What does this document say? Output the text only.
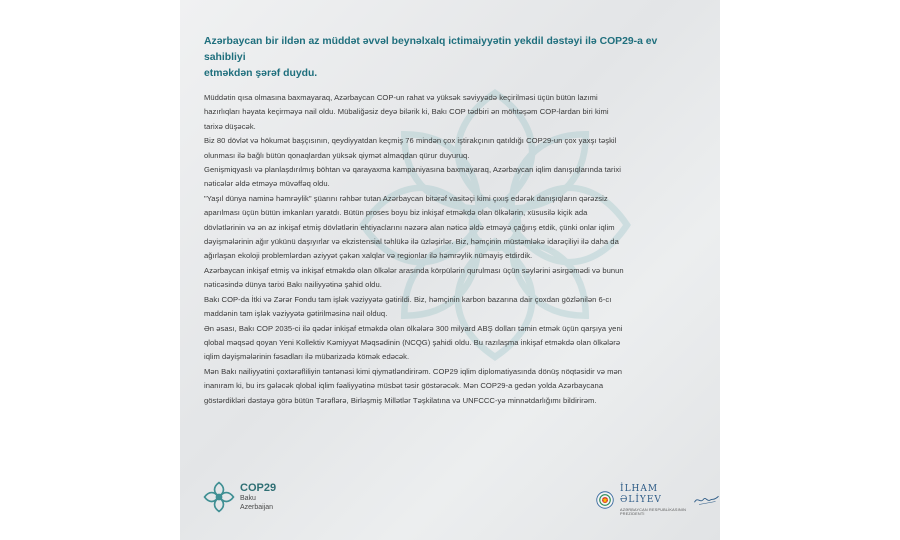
Azərbaycan bir ildən az müddət əvvəl beynəlxalq ictimaiyyətin yekdil dəstəyi ilə COP29-a ev sahibliyi
etməkdən şərəf duydu.

Müddətin qısa olmasına baxmayaraq, Azərbaycan COP-un rahat və yüksək səviyyədə keçirilməsi üçün bütün lazımi
hazırlıqları həyata keçirməyə nail oldu. Mübaliğəsiz deyə bilərik ki, Bakı COP tədbiri ən möhtəşəm COP-lardan biri kimi
tarixə düşəcək.

Biz 80 dövlət və hökumət başçısının, qeydiyyatdan keçmiş 76 mindən çox iştirakçının qatıldığı COP29-un çox yaxşı təşkil
olunması ilə bağlı bütün qonaqlardan yüksək qiymət almaqdan qürur duyuruq.

Genişmiqyaslı və planlaşdırılmış böhtan və qarayaxma kampaniyasına baxmayaraq, Azərbaycan iqlim danışıqlarında tarixi
nəticələr əldə etməyə müvəffəq oldu.

"Yaşıl dünya naminə həmrəylik" şüarını rəhbər tutan Azərbaycan bitərəf vasitəçi kimi çıxış edərək danışıqların qərəzsiz
aparılması üçün bütün imkanları yaratdı. Bütün proses boyu biz inkişaf etməkdə olan ölkələrin, xüsusilə kiçik ada
dövlətlərinin və ən az inkişaf etmiş dövlətlərin ehtiyaclarını nəzərə alan nəticə əldə etməyə çağırış etdik, çünki onlar iqlim
dəyişmələrinin ağır yükünü daşıyırlar və ekzistensial təhlükə ilə üzləşirlər. Biz, həmçinin müstəmləkə idarəçiliyi ilə daha da
ağırlaşan ekoloji problemlərdən əziyyət çəkən xalqlar və regionlar ilə həmrəylik nümayiş etdirdik.

Azərbaycan inkişaf etmiş və inkişaf etməkdə olan ölkələr arasında körpülərin qurulması üçün səylərini əsirgəmədi və bunun
nəticəsində dünya tarixi Bakı nailiyyətinə şahid oldu.

Bakı COP-da İtki və Zərər Fondu tam işlək vəziyyətə gətirildi. Biz, həmçinin karbon bazarına dair çoxdan gözlənilən 6-cı
maddənin tam işlək vəziyyətə gətirilməsinə nail olduq.

Ən əsası, Bakı COP 2035-ci ilə qədər inkişaf etməkdə olan ölkələrə 300 milyard ABŞ dolları təmin etmək üçün qarşıya yeni
qlobal məqsəd qoyan Yeni Kollektiv Kəmiyyət Məqsədinin (NCQG) şahidi oldu. Bu razılaşma inkişaf etməkdə olan ölkələrə
iqlim dəyişmələrinin fəsadları ilə mübarizədə kömək edəcək.

Mən Bakı nailiyyətini çoxtərəfliliyin təntənəsi kimi qiymətləndirirəm. COP29 iqlim diplomatiyasında dönüş nöqtəsidir və mən
inanıram ki, bu irs gələcək qlobal iqlim fəaliyyətinə müsbət təsir göstərəcək. Mən COP29-a gedən yolda Azərbaycana
göstərdikləri dəstəyə görə bütün Tərəflərə, Birləşmiş Millətlər Təşkilatına və UNFCCC-yə minnətdarlığımı bildirirəm.

COP29
Baku
Azerbaijan
İLHAM ƏLİYEV
AZƏRBAYCAN RESPUBLİKASININ PREZİDENTİ
